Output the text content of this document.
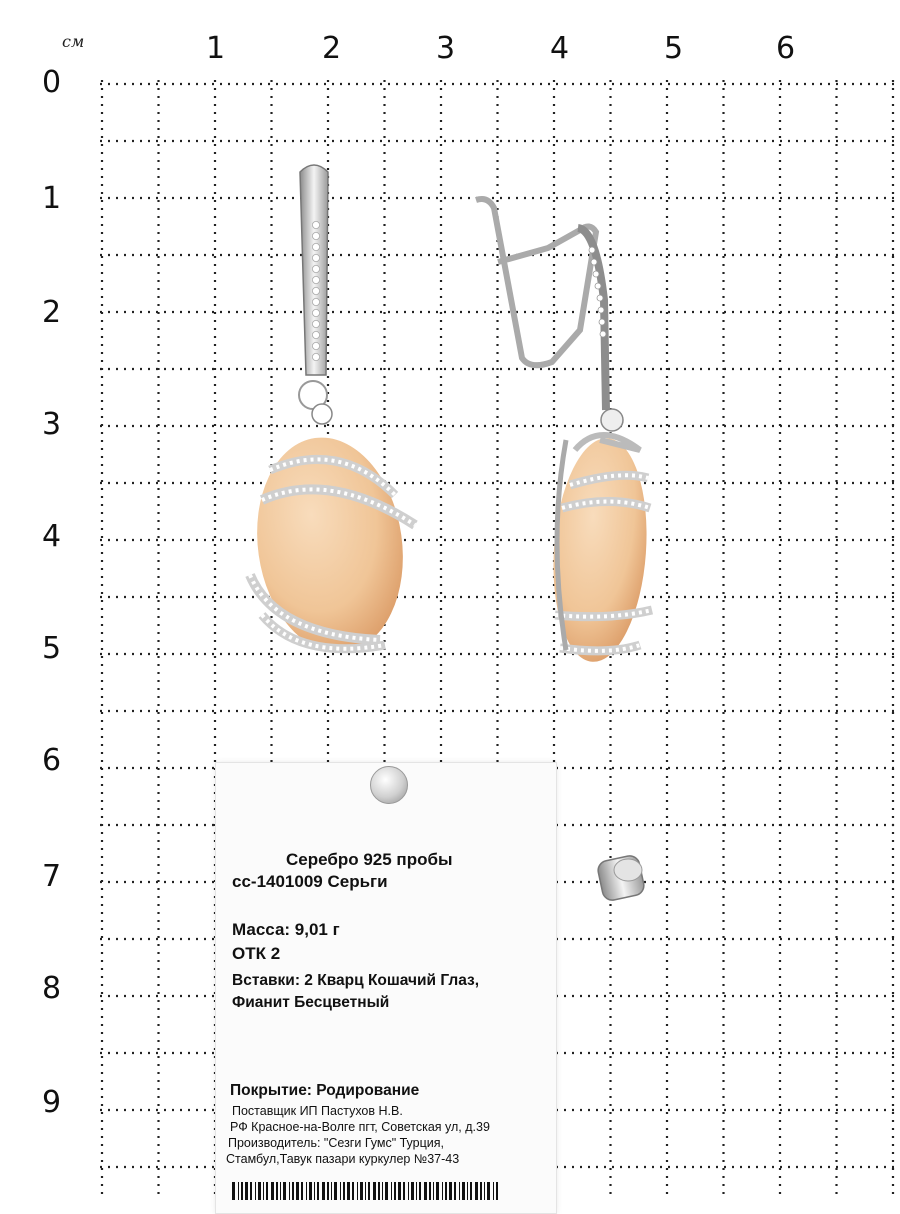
см	1	2	3	4	5	6
0
1
2
3
4
5
6
7
8
9
Серебро 925 пробы
сс-1401009 Серьги
Масса: 9,01 г
ОТК 2
Вставки: 2 Кварц Кошачий Глаз,
Фианит Бесцветный
Покрытие: Родирование
Поставщик ИП Пастухов Н.В.
РФ Красное-на-Волге пгт, Советская ул, д.39
Производитель: "Сезги Гумс" Турция,
Стамбул,Тавук пазари куркулер №37-43
